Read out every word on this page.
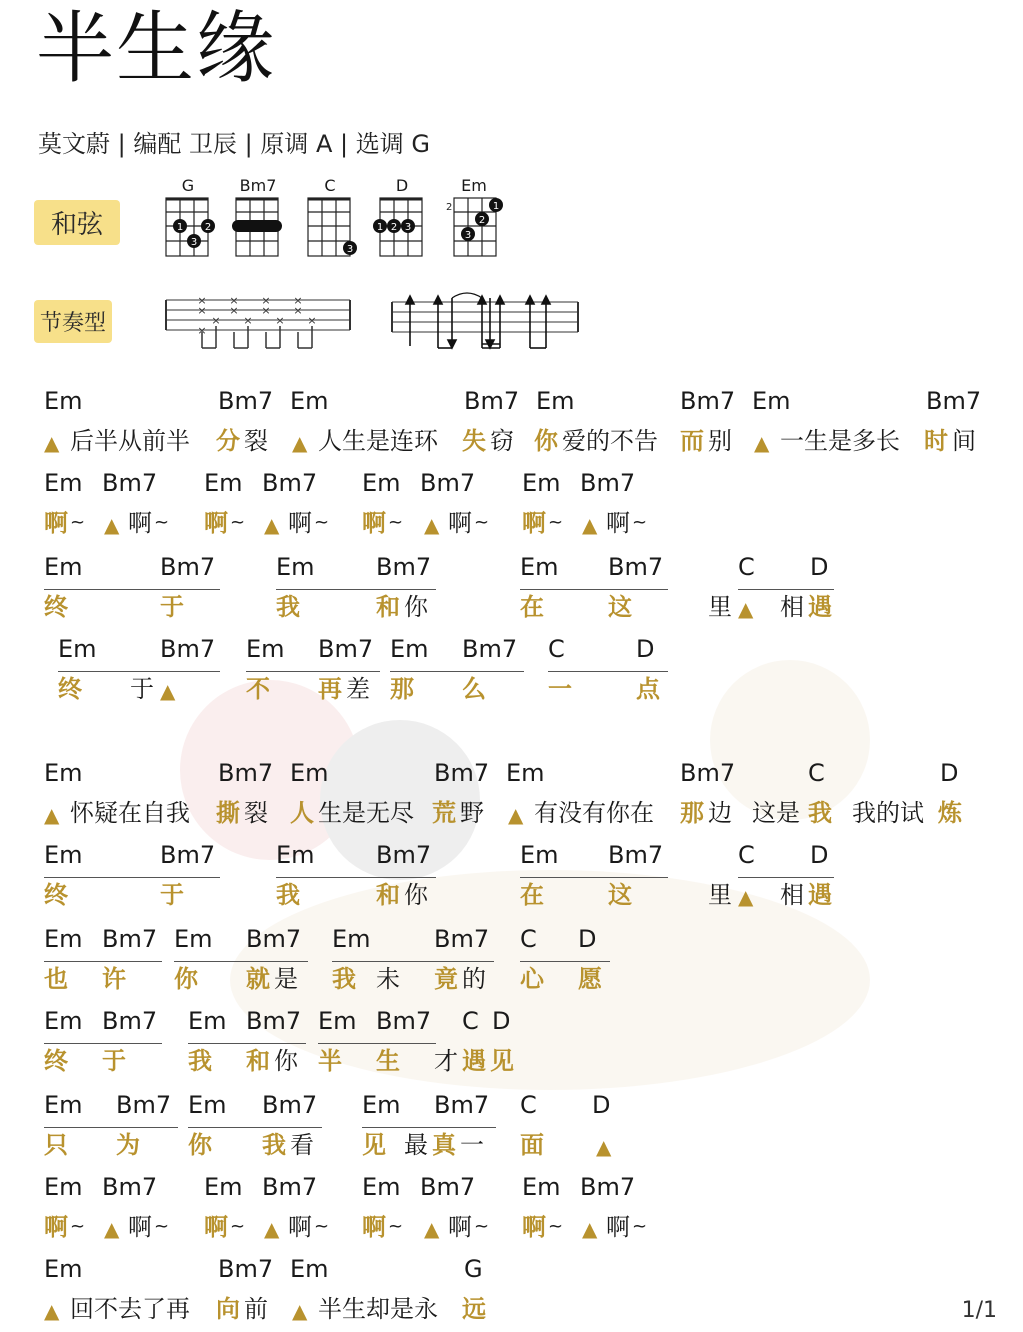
半生缘
莫文蔚 | 编配 卫辰 | 原调 A | 选调 G
和弦
节奏型
G
1 2
3
Bm7	C
3
D
1 2 3
Em
2	1
2
3
×
×
×
×
×
×
×
×
×
×
×
×
×
Em	Bm7 Em	Bm7 Em	Bm7 Em	Bm7
▲ 后半从前半 分 裂 ▲ 人生是连环 失 窃 你 爱的不告 而 别 ▲ 一生是多长 时 间
Em Bm7 Em Bm7 Em Bm7 Em Bm7
啊 ~ ▲ 啊 ~ 啊 ~ ▲ 啊 ~ 啊 ~ ▲ 啊 ~ 啊 ~ ▲ 啊 ~
Em	Bm7	Em	Bm7	Em Bm7	C D
终	于	我	和 你	在	这	里 ▲ 相 遇
Em	Bm7 Em Bm7 Em Bm7 C	D
终 于 ▲	不 再 差 那 么	一	点
Em	Bm7 Em	Bm7 Em	Bm7	C	D
▲ 怀疑在自我 撕 裂 人 生是无尽 荒 野 ▲ 有没有你在 那 边 这是 我 我的试 炼
Em	Bm7	Em	Bm7	Em Bm7	C D
终	于	我	和 你	在	这	里 ▲ 相 遇
Em Bm7 Em Bm7 Em	Bm7 C D
也 许 你 就 是 我 未 竟 的 心 愿
Em Bm7 Em Bm7 Em Bm7 C D
终 于	我 和 你 半 生 才 遇 见
Em Bm7 Em Bm7 Em Bm7 C D
只 为 你 我 看 见 最 真 一 面	▲
Em Bm7 Em Bm7 Em Bm7 Em Bm7
啊 ~ ▲ 啊 ~ 啊 ~ ▲ 啊 ~ 啊 ~ ▲ 啊 ~ 啊 ~ ▲ 啊 ~
Em	Bm7 Em	G
▲ 回不去了再 向 前 ▲ 半生却是永 远	1/1
